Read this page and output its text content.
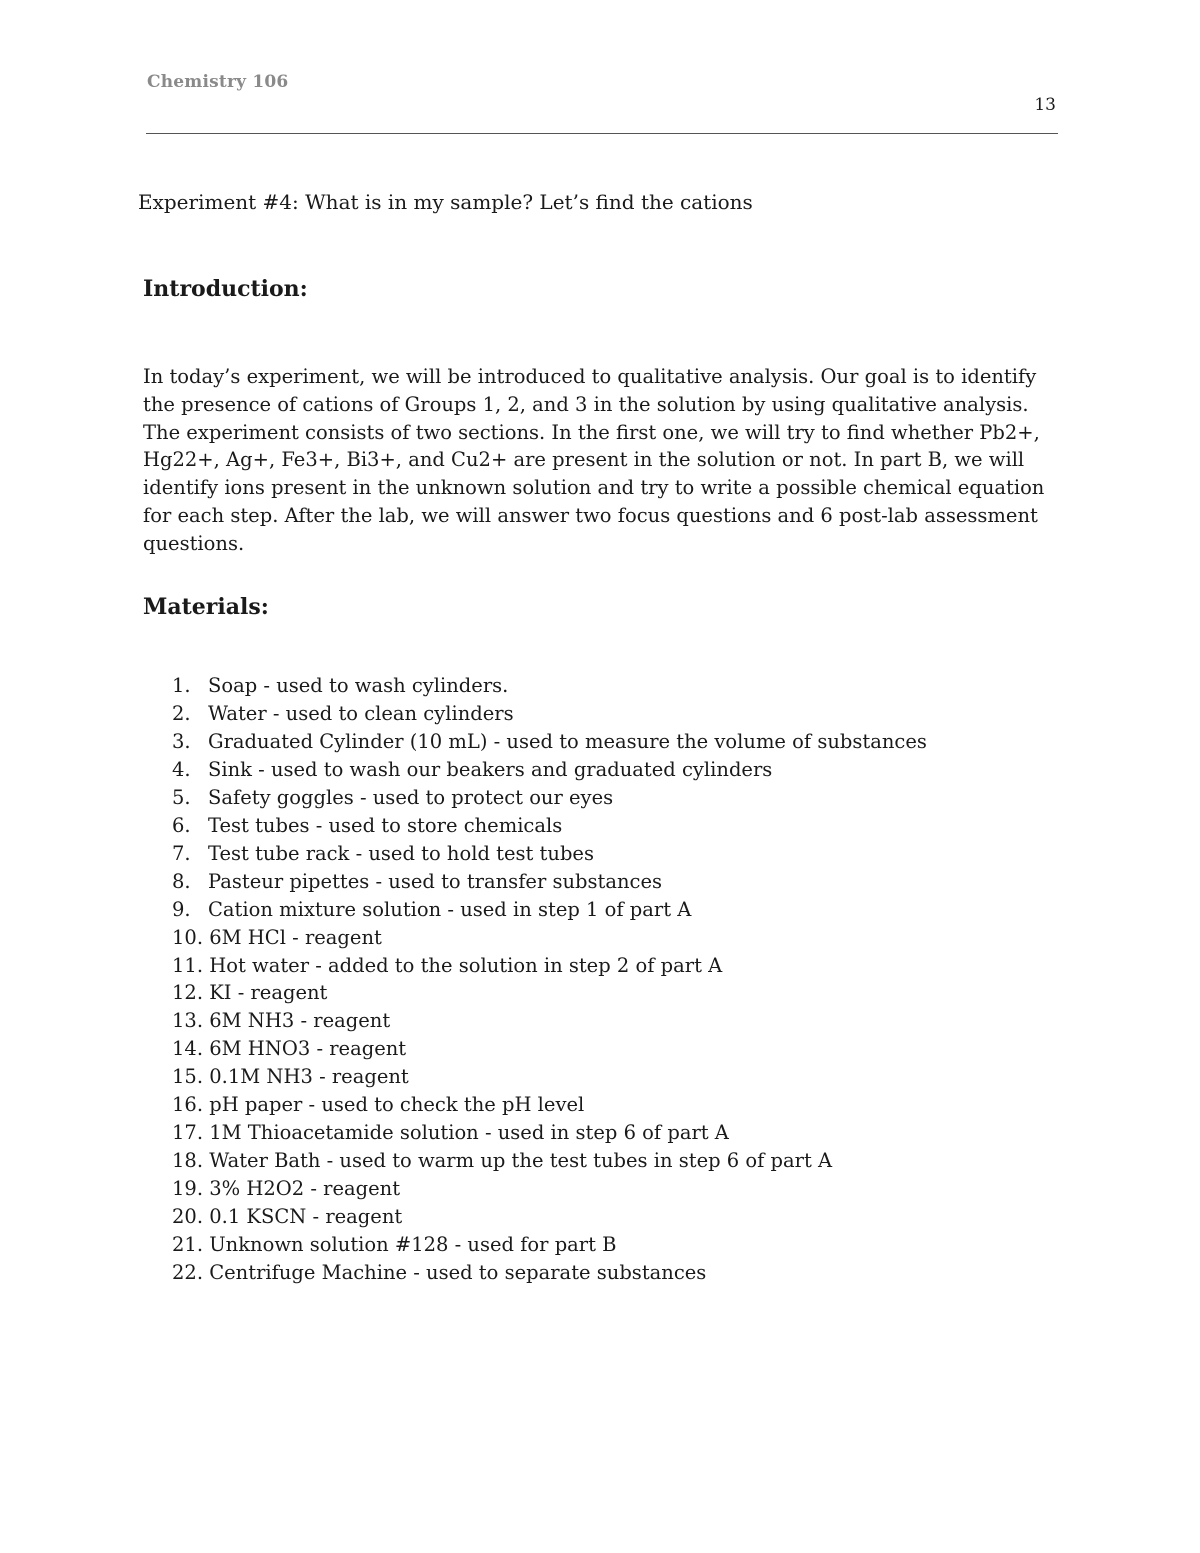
Chemistry 106
13
Experiment #4: What is in my sample? Let’s find the cations
Introduction:

In today’s experiment, we will be introduced to qualitative analysis. Our goal is to identify the presence of cations of Groups 1, 2, and 3 in the solution by using qualitative analysis. The experiment consists of two sections. In the first one, we will try to find whether Pb2+, Hg22+, Ag+, Fe3+, Bi3+, and Cu2+ are present in the solution or not. In part B, we will identify ions present in the unknown solution and try to write a possible chemical equation for each step. After the lab, we will answer two focus questions and 6 post-lab assessment questions.

Materials:
1. Soap - used to wash cylinders.
2. Water - used to clean cylinders
3. Graduated Cylinder (10 mL) - used to measure the volume of substances
4. Sink - used to wash our beakers and graduated cylinders
5. Safety goggles - used to protect our eyes
6. Test tubes - used to store chemicals
7. Test tube rack - used to hold test tubes
8. Pasteur pipettes - used to transfer substances
9. Cation mixture solution - used in step 1 of part A
10. 6M HCl - reagent
11. Hot water - added to the solution in step 2 of part A
12. KI - reagent
13. 6M NH3 - reagent
14. 6M HNO3 - reagent
15. 0.1M NH3 - reagent
16. pH paper - used to check the pH level
17. 1M Thioacetamide solution - used in step 6 of part A
18. Water Bath - used to warm up the test tubes in step 6 of part A
19. 3% H2O2 - reagent
20. 0.1 KSCN - reagent
21. Unknown solution #128 - used for part B
22. Centrifuge Machine - used to separate substances
